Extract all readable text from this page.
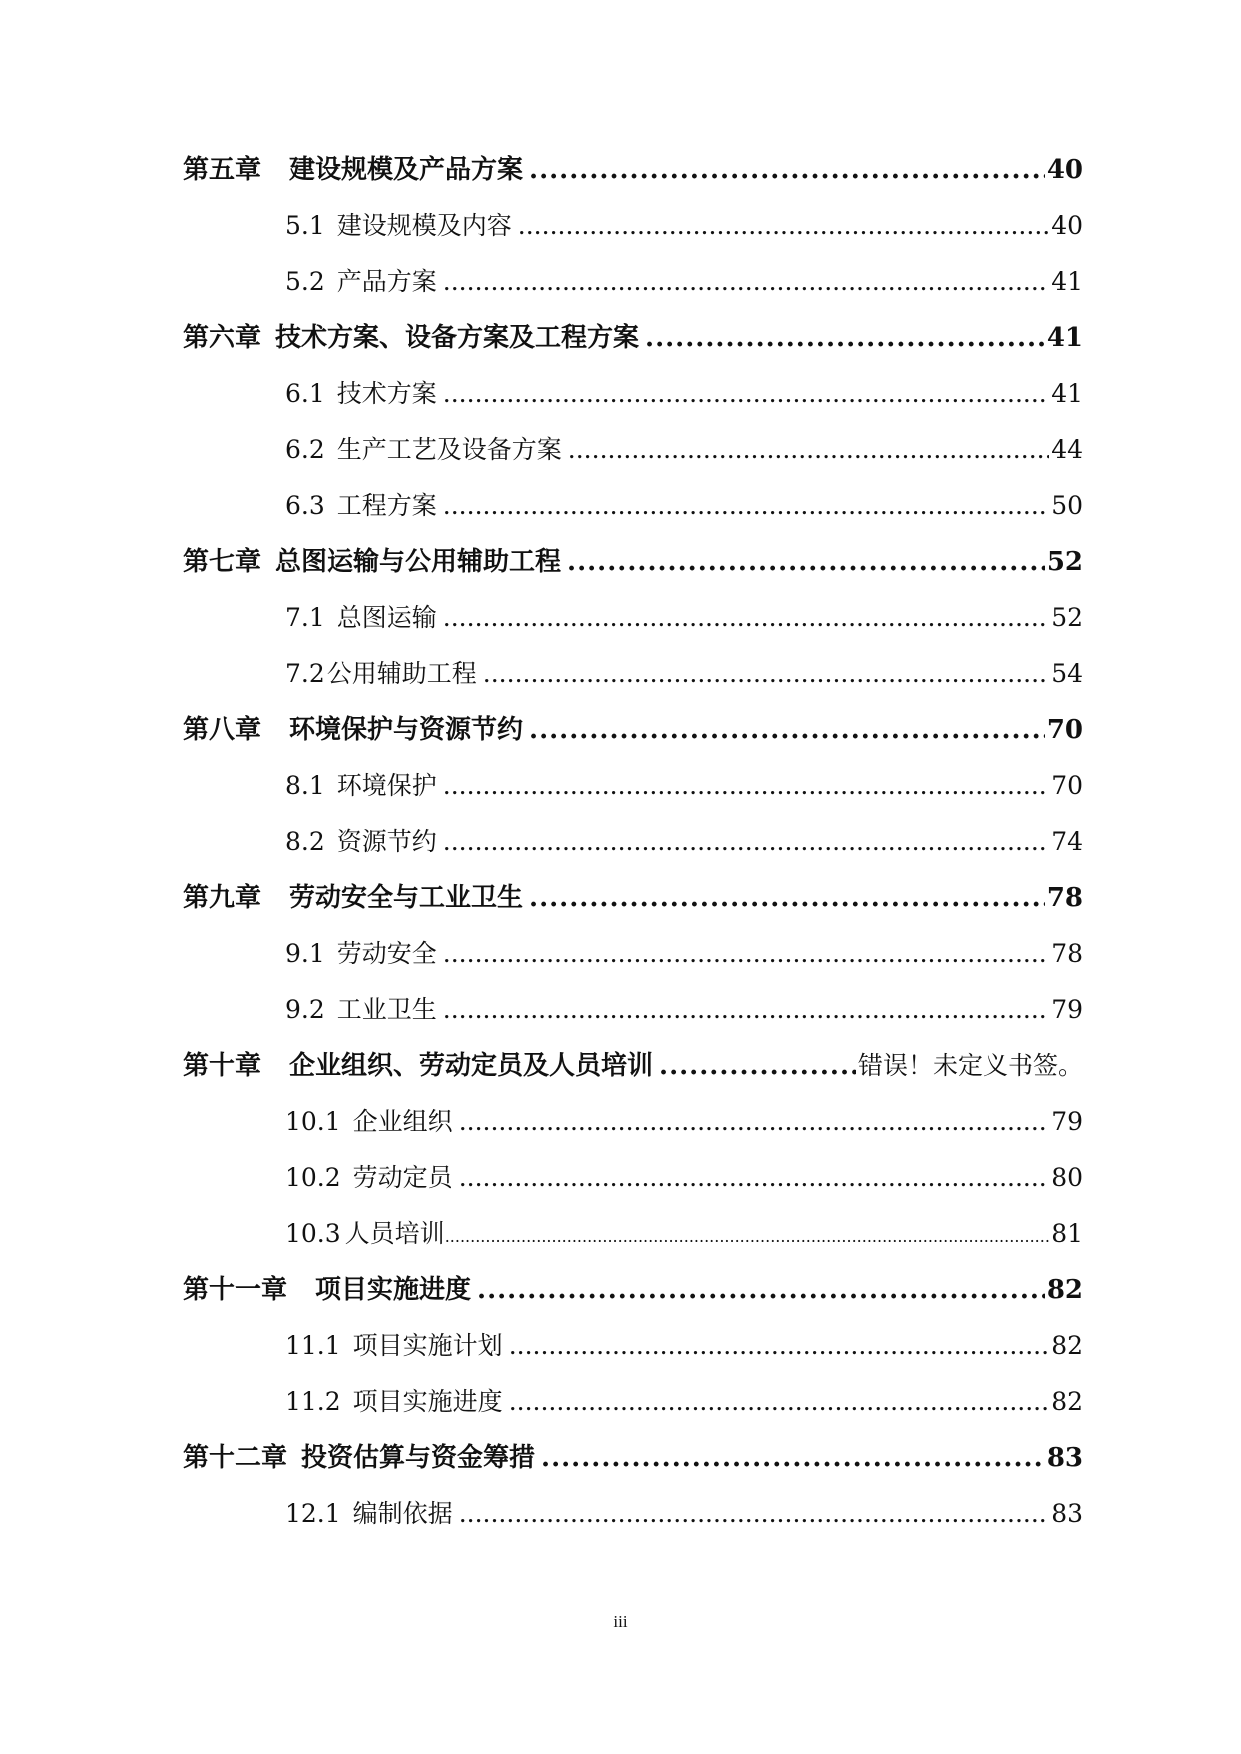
第五章 建设规模及产品方案 .....	40
5.1 建设规模及内容 .....	40
5.2 产品方案 .....	41
第六章 技术方案、设备方案及工程方案 .....	41
6.1 技术方案 .....	41
6.2 生产工艺及设备方案 .....	44
6.3 工程方案 .....	50
第七章 总图运输与公用辅助工程 .....	52
7.1 总图运输 .....	52
7.2 公用辅助工程 .....	54
第八章 环境保护与资源节约 .....	70
8.1 环境保护 .....	70
8.2 资源节约 .....	74
第九章 劳动安全与工业卫生 .....	78
9.1 劳动安全 .....	78
9.2 工业卫生 .....	79
第十章 企业组织、劳动定员及人员培训 .....	错误！未定义书签。
10.1 企业组织 .....	79
10.2 劳动定员 .....	80
10.3 人员培训 .....	81
第十一章 项目实施进度 .....	82
11.1 项目实施计划 .....	82
11.2 项目实施进度 .....	82
第十二章 投资估算与资金筹措 .....	83
12.1 编制依据 .....	83
iii
